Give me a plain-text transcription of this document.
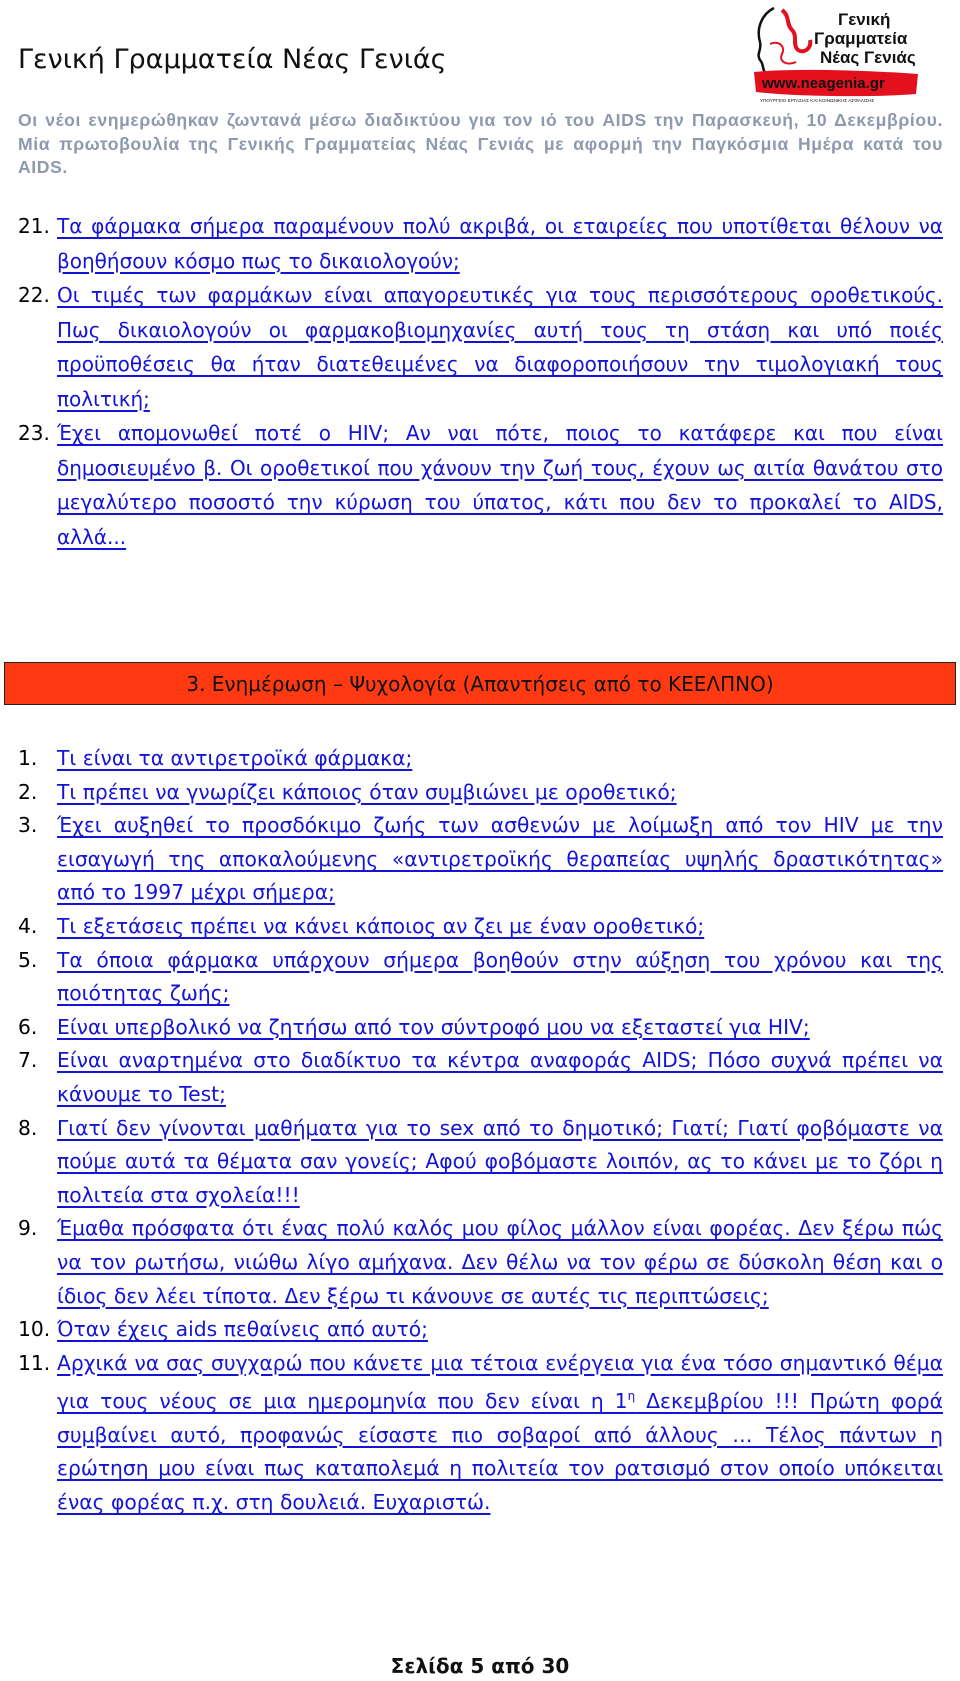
Γενική Γραμματεία Νέας Γενιάς
Γενική
Γραμματεία
Νέας Γενιάς
www.neagenia.gr
ΥΠΟΥΡΓΕΙΟ ΕΡΓΑΣΙΑΣ ΚΑΙ ΚΟΙΝΩΝΙΚΗΣ ΑΣΦΑΛΙΣΗΣ
Οι νέοι ενημερώθηκαν ζωντανά μέσω διαδικτύου για τον ιό του AIDS την Παρασκευή, 10 Δεκεμβρίου. Μία πρωτοβουλία της Γενικής Γραμματείας Νέας Γενιάς με αφορμή την Παγκόσμια Ημέρα κατά του AIDS.
21. Τα φάρμακα σήμερα παραμένουν πολύ ακριβά, οι εταιρείες που υποτίθεται θέλουν να βοηθήσουν κόσμο πως το δικαιολογούν;
22. Οι τιμές των φαρμάκων είναι απαγορευτικές για τους περισσότερους οροθετικούς. Πως δικαιολογούν οι φαρμακοβιομηχανίες αυτή τους τη στάση και υπό ποιές προϋποθέσεις θα ήταν διατεθειμένες να διαφοροποιήσουν την τιμολογιακή τους πολιτική;
23. Έχει απομονωθεί ποτέ ο HIV; Αν ναι πότε, ποιος το κατάφερε και που είναι δημοσιευμένο β. Οι οροθετικοί που χάνουν την ζωή τους, έχουν ως αιτία θανάτου στο μεγαλύτερο ποσοστό την κύρωση του ύπατος, κάτι που δεν το προκαλεί το AIDS, αλλά...
3. Ενημέρωση – Ψυχολογία (Απαντήσεις από το ΚΕΕΛΠΝΟ)
1. Τι είναι τα αντιρετροϊκά φάρμακα;
2. Τι πρέπει να γνωρίζει κάποιος όταν συμβιώνει με οροθετικό;
3. Έχει αυξηθεί το προσδόκιμο ζωής των ασθενών με λοίμωξη από τον HIV με την εισαγωγή της αποκαλούμενης «αντιρετροϊκής θεραπείας υψηλής δραστικότητας» από το 1997 μέχρι σήμερα;
4. Τι εξετάσεις πρέπει να κάνει κάποιος αν ζει με έναν οροθετικό;
5. Τα όποια φάρμακα υπάρχουν σήμερα βοηθούν στην αύξηση του χρόνου και της ποιότητας ζωής;
6. Είναι υπερβολικό να ζητήσω από τον σύντροφό μου να εξεταστεί για HIV;
7. Είναι αναρτημένα στο διαδίκτυο τα κέντρα αναφοράς AIDS; Πόσο συχνά πρέπει να κάνουμε το Test;
8. Γιατί δεν γίνονται μαθήματα για το sex από το δημοτικό; Γιατί; Γιατί φοβόμαστε να πούμε αυτά τα θέματα σαν γονείς; Αφού φοβόμαστε λοιπόν, ας το κάνει με το ζόρι η πολιτεία στα σχολεία!!!
9. Έμαθα πρόσφατα ότι ένας πολύ καλός μου φίλος μάλλον είναι φορέας. Δεν ξέρω πώς να τον ρωτήσω, νιώθω λίγο αμήχανα. Δεν θέλω να τον φέρω σε δύσκολη θέση και ο ίδιος δεν λέει τίποτα. Δεν ξέρω τι κάνουνε σε αυτές τις περιπτώσεις;
10. Όταν έχεις aids πεθαίνεις από αυτό;
11. Αρχικά να σας συγχαρώ που κάνετε μια τέτοια ενέργεια για ένα τόσο σημαντικό θέμα για τους νέους σε μια ημερομηνία που δεν είναι η $1^\eta$ Δεκεμβρίου !!! Πρώτη φορά συμβαίνει αυτό, προφανώς είσαστε πιο σοβαροί από άλλους … Τέλος πάντων η ερώτηση μου είναι πως καταπολεμά η πολιτεία τον ρατσισμό στον οποίο υπόκειται ένας φορέας π.χ. στη δουλειά. Ευχαριστώ.
Σελίδα 5 από 30
